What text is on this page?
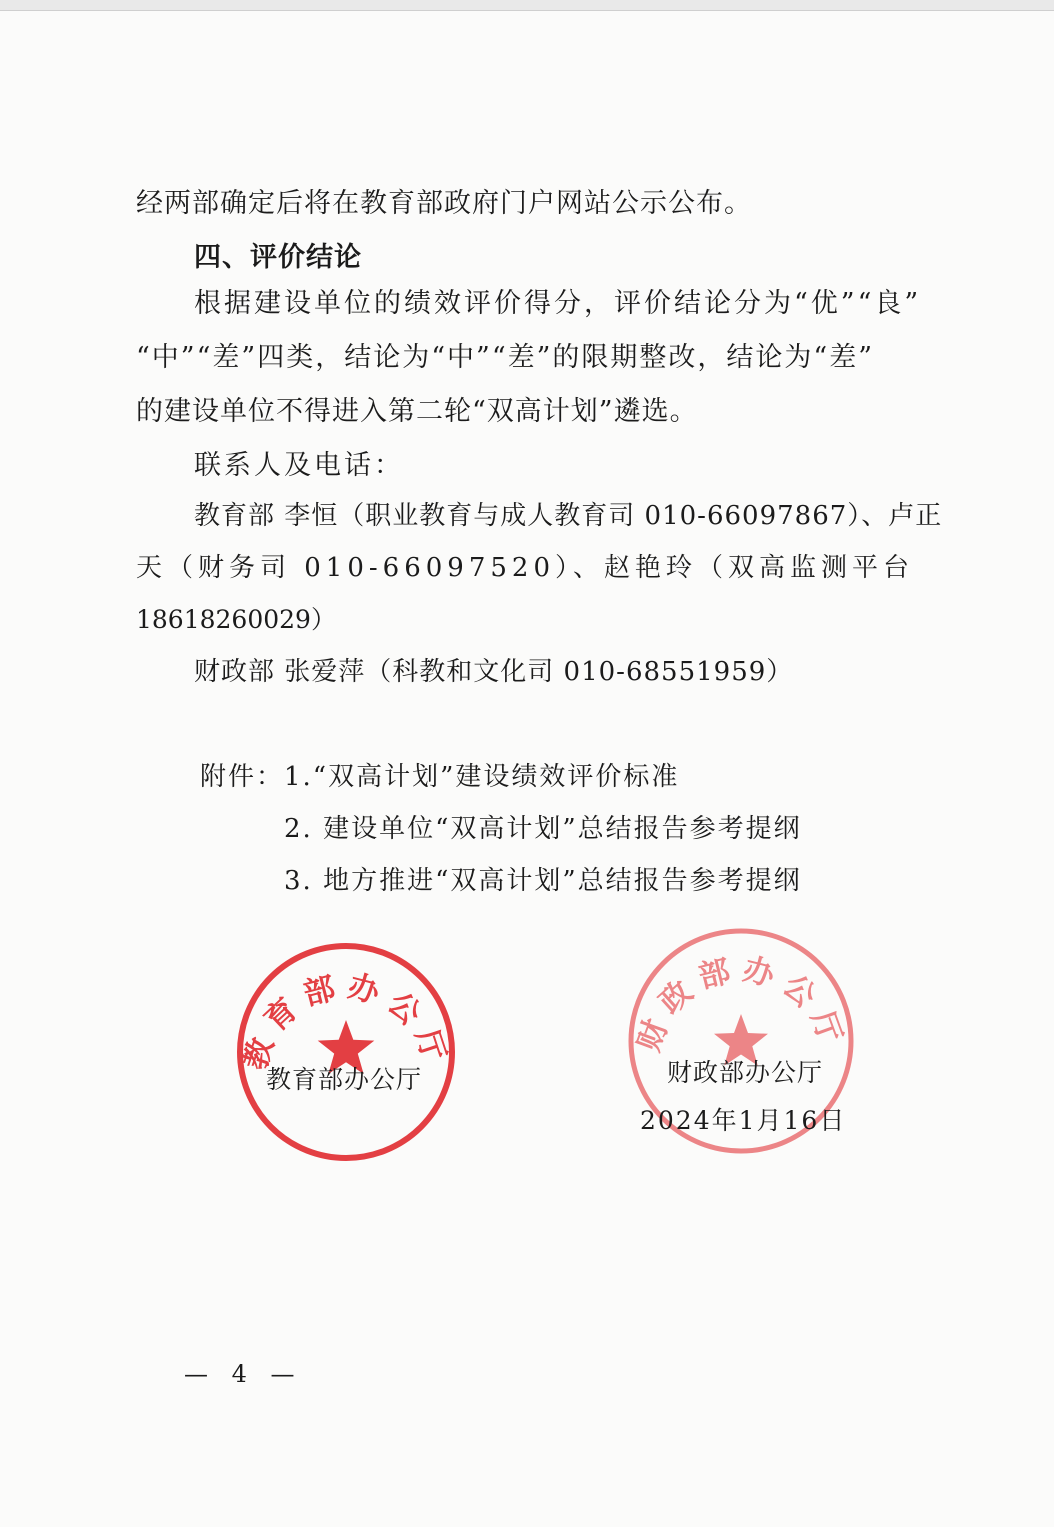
经两部确定后将在教育部政府门户网站公示公布。
四、评价结论
根据建设单位的绩效评价得分，评价结论分为“优”“良”
“中”“差”四类，结论为“中”“差”的限期整改，结论为“差”
的建设单位不得进入第二轮“双高计划”遴选。
联系人及电话：
教育部 李恒（职业教育与成人教育司 010-66097867）、卢正
天（财务司 010-66097520）、赵艳玲（双高监测平台
18618260029）
财政部 张爱萍（科教和文化司 010-68551959）
附件： 1.“双高计划”建设绩效评价标准
2. 建设单位“双高计划”总结报告参考提纲
3. 地方推进“双高计划”总结报告参考提纲
教育部办公厅	财政部办公厅
教育部办公厅	财政部办公厅
2024年1月16日
— 4 —
